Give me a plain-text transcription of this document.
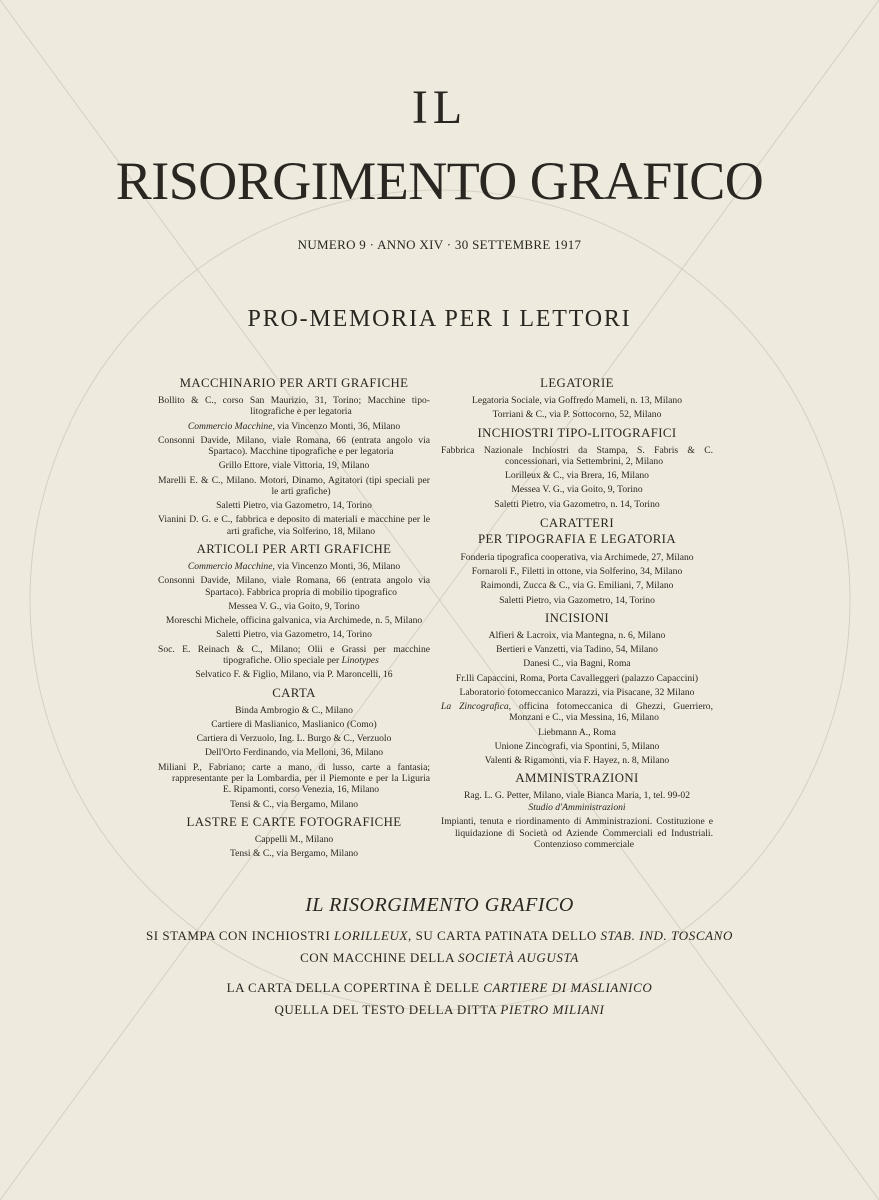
IL
RISORGIMENTO GRAFICO
NUMERO 9 · ANNO XIV · 30 SETTEMBRE 1917
PRO-MEMORIA PER I LETTORI
MACCHINARIO PER ARTI GRAFICHE
Bollito & C., corso San Maurizio, 31, Torino; Macchine tipo-litografiche e per legatoria
Commercio Macchine, via Vincenzo Monti, 36, Milano
Consonni Davide, Milano, viale Romana, 66 (entrata angolo via Spartaco). Macchine tipografiche e per legatoria
Grillo Ettore, viale Vittoria, 19, Milano
Marelli E. & C., Milano. Motori, Dinamo, Agitatori (tipi speciali per le arti grafiche)
Saletti Pietro, via Gazometro, 14, Torino
Vianini D. G. e C., fabbrica e deposito di materiali e macchine per le arti grafiche, via Solferino, 18, Milano
ARTICOLI PER ARTI GRAFICHE
Commercio Macchine, via Vincenzo Monti, 36, Milano
Consonni Davide, Milano, viale Romana, 66 (entrata angolo via Spartaco). Fabbrica propria di mobilio tipografico
Messea V. G., via Goito, 9, Torino
Moreschi Michele, officina galvanica, via Archimede, n. 5, Milano
Saletti Pietro, via Gazometro, 14, Torino
Soc. E. Reinach & C., Milano; Olii e Grassi per macchine tipografiche. Olio speciale per Linotypes
Selvatico F. & Figlio, Milano, via P. Maroncelli, 16
CARTA
Binda Ambrogio & C., Milano
Cartiere di Maslianico, Maslianico (Como)
Cartiera di Verzuolo, Ing. L. Burgo & C., Verzuolo
Dell'Orto Ferdinando, via Melloni, 36, Milano
Miliani P., Fabriano; carte a mano, di lusso, carte a fantasia; rappresentante per la Lombardia, per il Piemonte e per la Liguria E. Ripamonti, corso Venezia, 16, Milano
Tensi & C., via Bergamo, Milano
LASTRE E CARTE FOTOGRAFICHE
Cappelli M., Milano
Tensi & C., via Bergamo, Milano
LEGATORIE
Legatoria Sociale, via Goffredo Mameli, n. 13, Milano
Torriani & C., via P. Sottocorno, 52, Milano
INCHIOSTRI TIPO-LITOGRAFICI
Fabbrica Nazionale Inchiostri da Stampa, S. Fabris & C. concessionari, via Settembrini, 2, Milano
Lorilleux & C., via Brera, 16, Milano
Messea V. G., via Goito, 9, Torino
Saletti Pietro, via Gazometro, n. 14, Torino
CARATTERI
PER TIPOGRAFIA E LEGATORIA
Fonderia tipografica cooperativa, via Archimede, 27, Milano
Fornaroli F., Filetti in ottone, via Solferino, 34, Milano
Raimondi, Zucca & C., via G. Emiliani, 7, Milano
Saletti Pietro, via Gazometro, 14, Torino
INCISIONI
Alfieri & Lacroix, via Mantegna, n. 6, Milano
Bertieri e Vanzetti, via Tadino, 54, Milano
Danesi C., via Bagni, Roma
Fr.lli Capaccini, Roma, Porta Cavalleggeri (palazzo Capaccini)
Laboratorio fotomeccanico Marazzi, via Pisacane, 32 Milano
La Zincografica, officina fotomeccanica di Ghezzi, Guerriero, Monzani e C., via Messina, 16, Milano
Liebmann A., Roma
Unione Zincografi, via Spontini, 5, Milano
Valenti & Rigamonti, via F. Hayez, n. 8, Milano
AMMINISTRAZIONI
Rag. L. G. Petter, Milano, viale Bianca Maria, 1, tel. 99-02
Studio d'Amministrazioni
Impianti, tenuta e riordinamento di Amministrazioni. Costituzione e liquidazione di Società od Aziende Commerciali ed Industriali. Contenzioso commerciale
IL RISORGIMENTO GRAFICO
SI STAMPA CON INCHIOSTRI LORILLEUX, SU CARTA PATINATA DELLO STAB. IND. TOSCANO
CON MACCHINE DELLA SOCIETÀ AUGUSTA
LA CARTA DELLA COPERTINA È DELLE CARTIERE DI MASLIANICO
QUELLA DEL TESTO DELLA DITTA PIETRO MILIANI
